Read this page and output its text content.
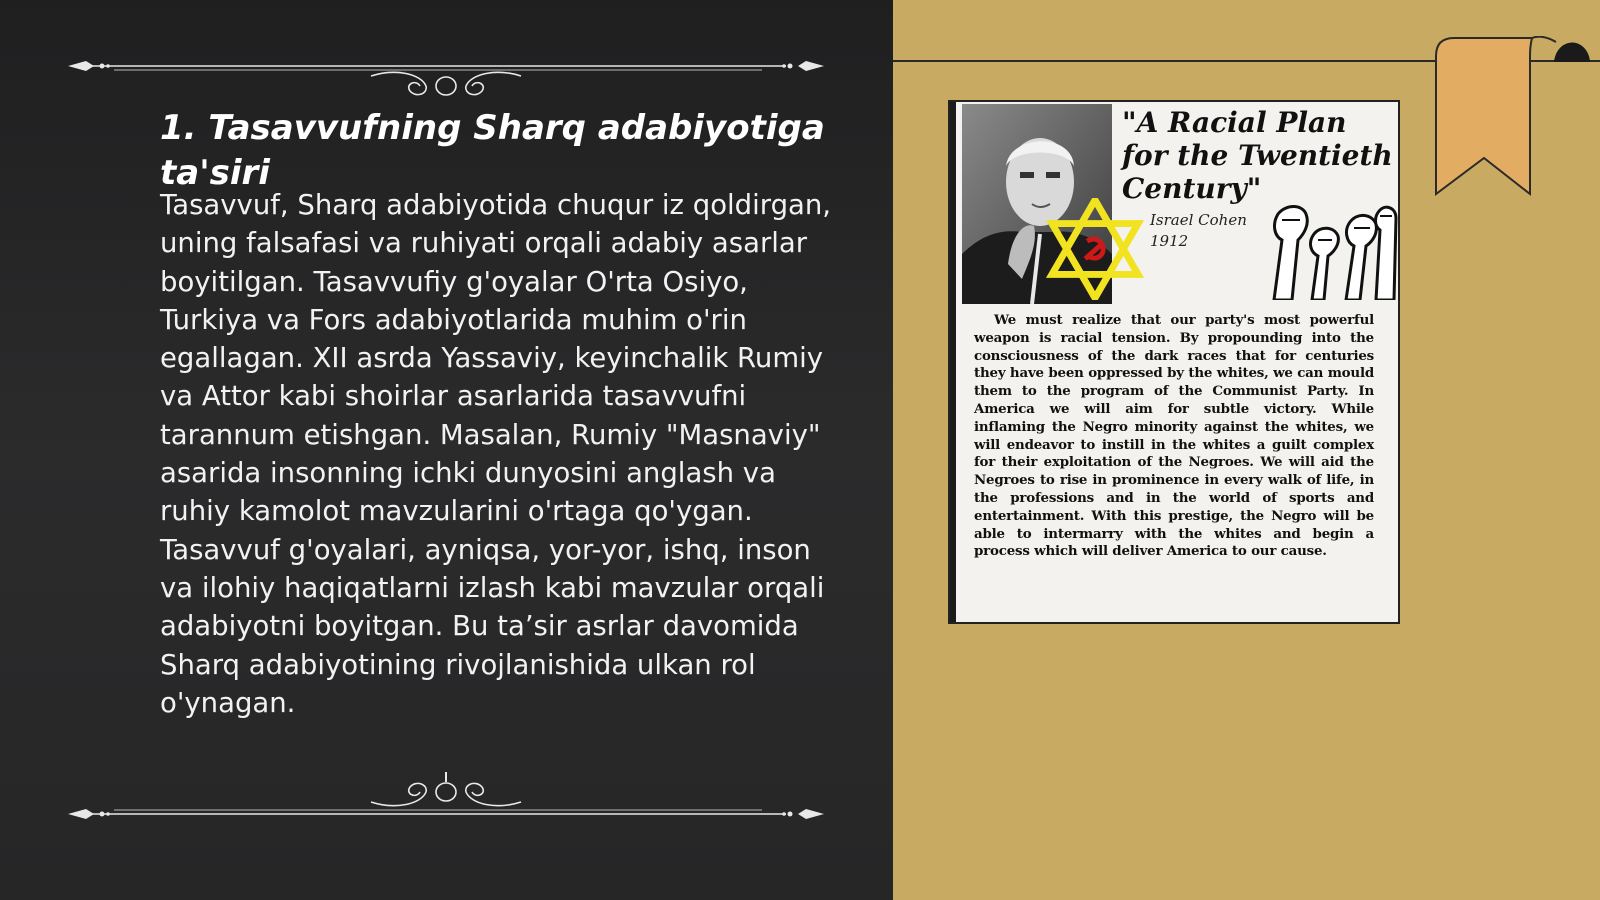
1. Tasavvufning Sharq adabiyotiga ta'siri

Tasavvuf, Sharq adabiyotida chuqur iz qoldirgan, uning falsafasi va ruhiyati orqali adabiy asarlar boyitilgan. Tasavvufiy g'oyalar O'rta Osiyo, Turkiya va Fors adabiyotlarida muhim o'rin egallagan. XII asrda Yassaviy, keyinchalik Rumiy va Attor kabi shoirlar asarlarida tasavvufni tarannum etishgan. Masalan, Rumiy "Masnaviy" asarida insonning ichki dunyosini anglash va ruhiy kamolot mavzularini o'rtaga qo'ygan. Tasavvuf g'oyalari, ayniqsa, yor-yor, ishq, inson va ilohiy haqiqatlarni izlash kabi mavzular orqali adabiyotni boyitgan. Bu ta’sir asrlar davomida Sharq adabiyotining rivojlanishida ulkan rol o'ynagan.

"A Racial Plan for the Twentieth Century"
Israel Cohen
1912

We must realize that our party's most powerful weapon is racial tension. By propounding into the consciousness of the dark races that for centuries they have been oppressed by the whites, we can mould them to the program of the Communist Party. In America we will aim for subtle victory. While inflaming the Negro minority against the whites, we will endeavor to instill in the whites a guilt complex for their exploitation of the Negroes. We will aid the Negroes to rise in prominence in every walk of life, in the professions and in the world of sports and entertainment. With this prestige, the Negro will be able to intermarry with the whites and begin a process which will deliver America to our cause.
